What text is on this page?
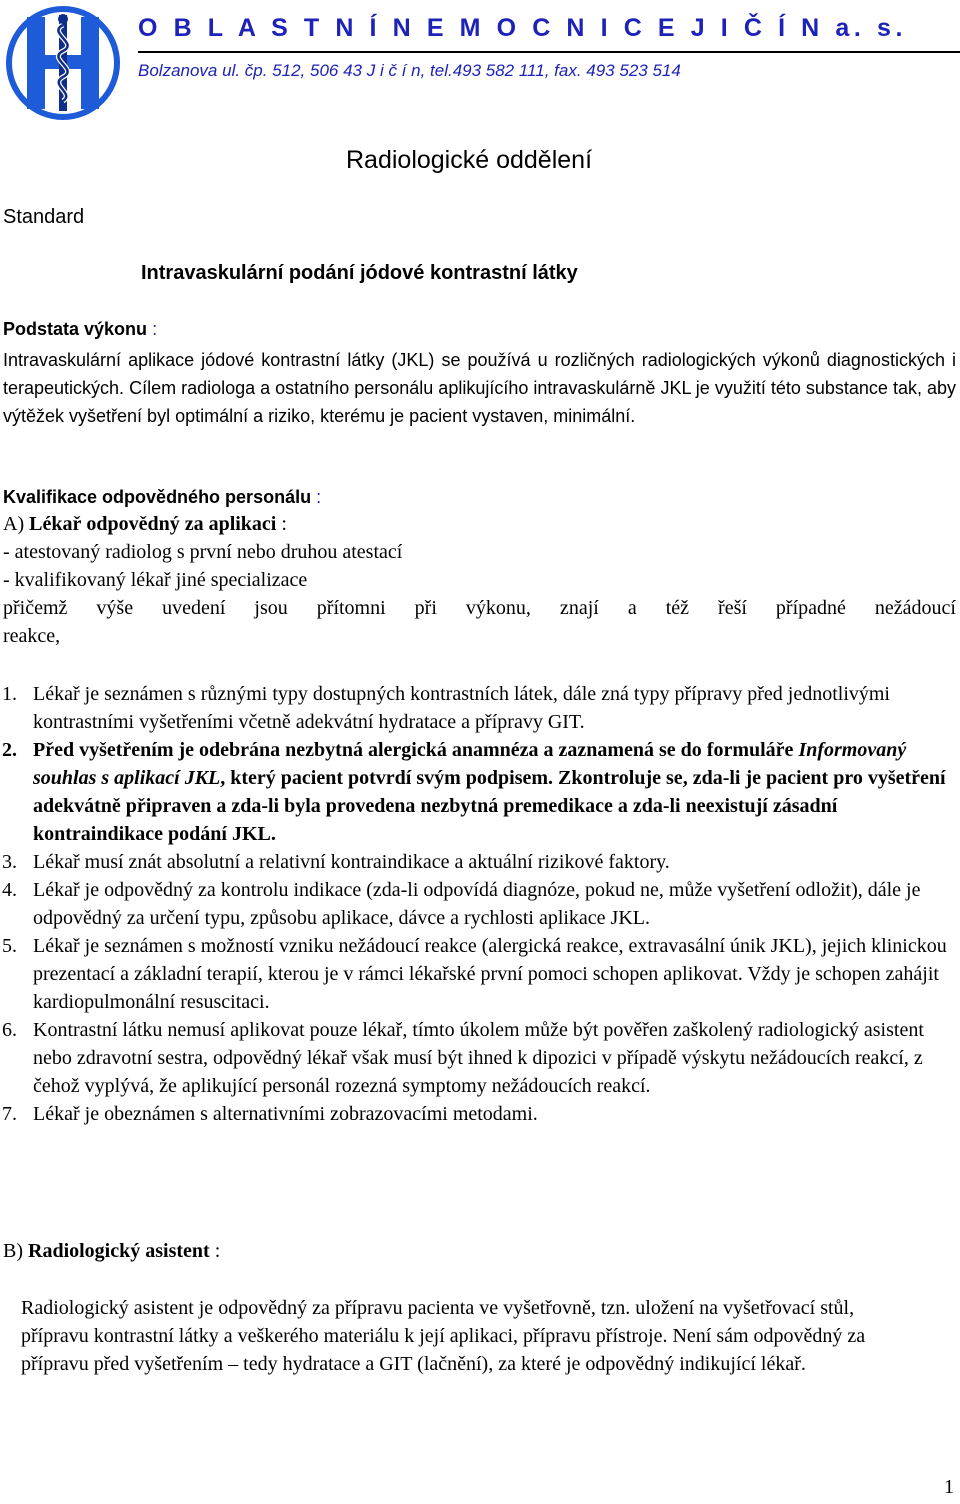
O B L A S T N Í N E M O C N I C E J I Č Í N a. s.
Bolzanova ul. čp. 512, 506 43 J i č í n, tel.493 582 111, fax. 493 523 514
Radiologické oddělení
Standard
Intravaskulární podání jódové kontrastní látky
Podstata výkonu :

Intravaskulární aplikace jódové kontrastní látky (JKL) se používá u rozličných radiologických výkonů diagnostických i terapeutických. Cílem radiologa a ostatního personálu aplikujícího intravaskulárně JKL je využití této substance tak, aby výtěžek vyšetření byl optimální a riziko, kterému je pacient vystaven, minimální.

Kvalifikace odpovědného personálu :
A) Lékař odpovědný za aplikaci :
- atestovaný radiolog s první nebo druhou atestací
- kvalifikovaný lékař jiné specializace
přičemž výše uvedení jsou přítomni při výkonu, znají a též řeší případné nežádoucí
reakce,
1. Lékař je seznámen s různými typy dostupných kontrastních látek, dále zná typy přípravy před jednotlivými kontrastními vyšetřeními včetně adekvátní hydratace a přípravy GIT.
2. Před vyšetřením je odebrána nezbytná alergická anamnéza a zaznamená se do formuláře Informovaný souhlas s aplikací JKL, který pacient potvrdí svým podpisem. Zkontroluje se, zda-li je pacient pro vyšetření adekvátně připraven a zda-li byla provedena nezbytná premedikace a zda-li neexistují zásadní kontraindikace podání JKL.
3. Lékař musí znát absolutní a relativní kontraindikace a aktuální rizikové faktory.
4. Lékař je odpovědný za kontrolu indikace (zda-li odpovídá diagnóze, pokud ne, může vyšetření odložit), dále je odpovědný za určení typu, způsobu aplikace, dávce a rychlosti aplikace JKL.
5. Lékař je seznámen s možností vzniku nežádoucí reakce (alergická reakce, extravasální únik JKL), jejich klinickou prezentací a základní terapií, kterou je v rámci lékařské první pomoci schopen aplikovat. Vždy je schopen zahájit kardiopulmonální resuscitaci.
6. Kontrastní látku nemusí aplikovat pouze lékař, tímto úkolem může být pověřen zaškolený radiologický asistent nebo zdravotní sestra, odpovědný lékař však musí být ihned k dipozici v případě výskytu nežádoucích reakcí, z čehož vyplývá, že aplikující personál rozezná symptomy nežádoucích reakcí.
7. Lékař je obeznámen s alternativními zobrazovacími metodami.
B) Radiologický asistent :

Radiologický asistent je odpovědný za přípravu pacienta ve vyšetřovně, tzn. uložení na vyšetřovací stůl, přípravu kontrastní látky a veškerého materiálu k její aplikaci, přípravu přístroje. Není sám odpovědný za přípravu před vyšetřením – tedy hydratace a GIT (lačnění), za které je odpovědný indikující lékař.

1
